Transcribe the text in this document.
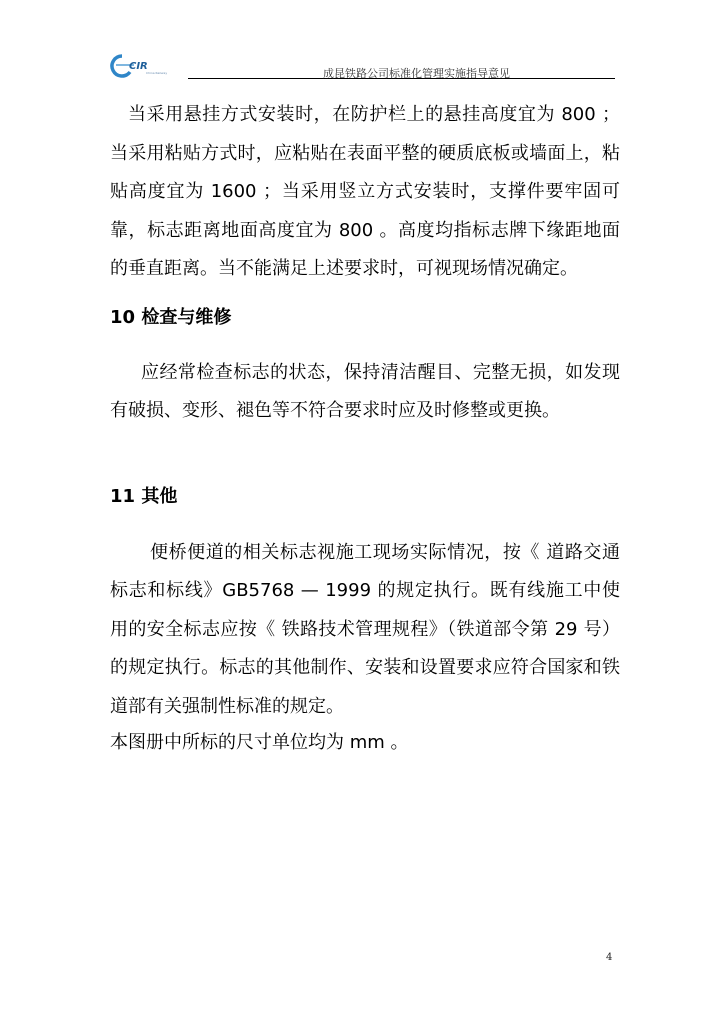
CIR
China Railway	成昆铁路公司标准化管理实施指导意见

当采用悬挂方式安装时，在防护栏上的悬挂高度宜为 800 ；当采用粘贴方式时，应粘贴在表面平整的硬质底板或墙面上，粘贴高度宜为 1600 ；当采用竖立方式安装时，支撑件要牢固可靠，标志距离地面高度宜为 800 。高度均指标志牌下缘距地面的垂直距离。当不能满足上述要求时，可视现场情况确定。

10 检查与维修

应经常检查标志的状态，保持清洁醒目、完整无损，如发现有破损、变形、褪色等不符合要求时应及时修整或更换。

11 其他

便桥便道的相关标志视施工现场实际情况，按《 道路交通标志和标线》GB5768 — 1999 的规定执行。既有线施工中使用的安全标志应按《 铁路技术管理规程》（铁道部令第 29 号）的规定执行。标志的其他制作、安装和设置要求应符合国家和铁道部有关强制性标准的规定。

本图册中所标的尺寸单位均为 mm 。

4
